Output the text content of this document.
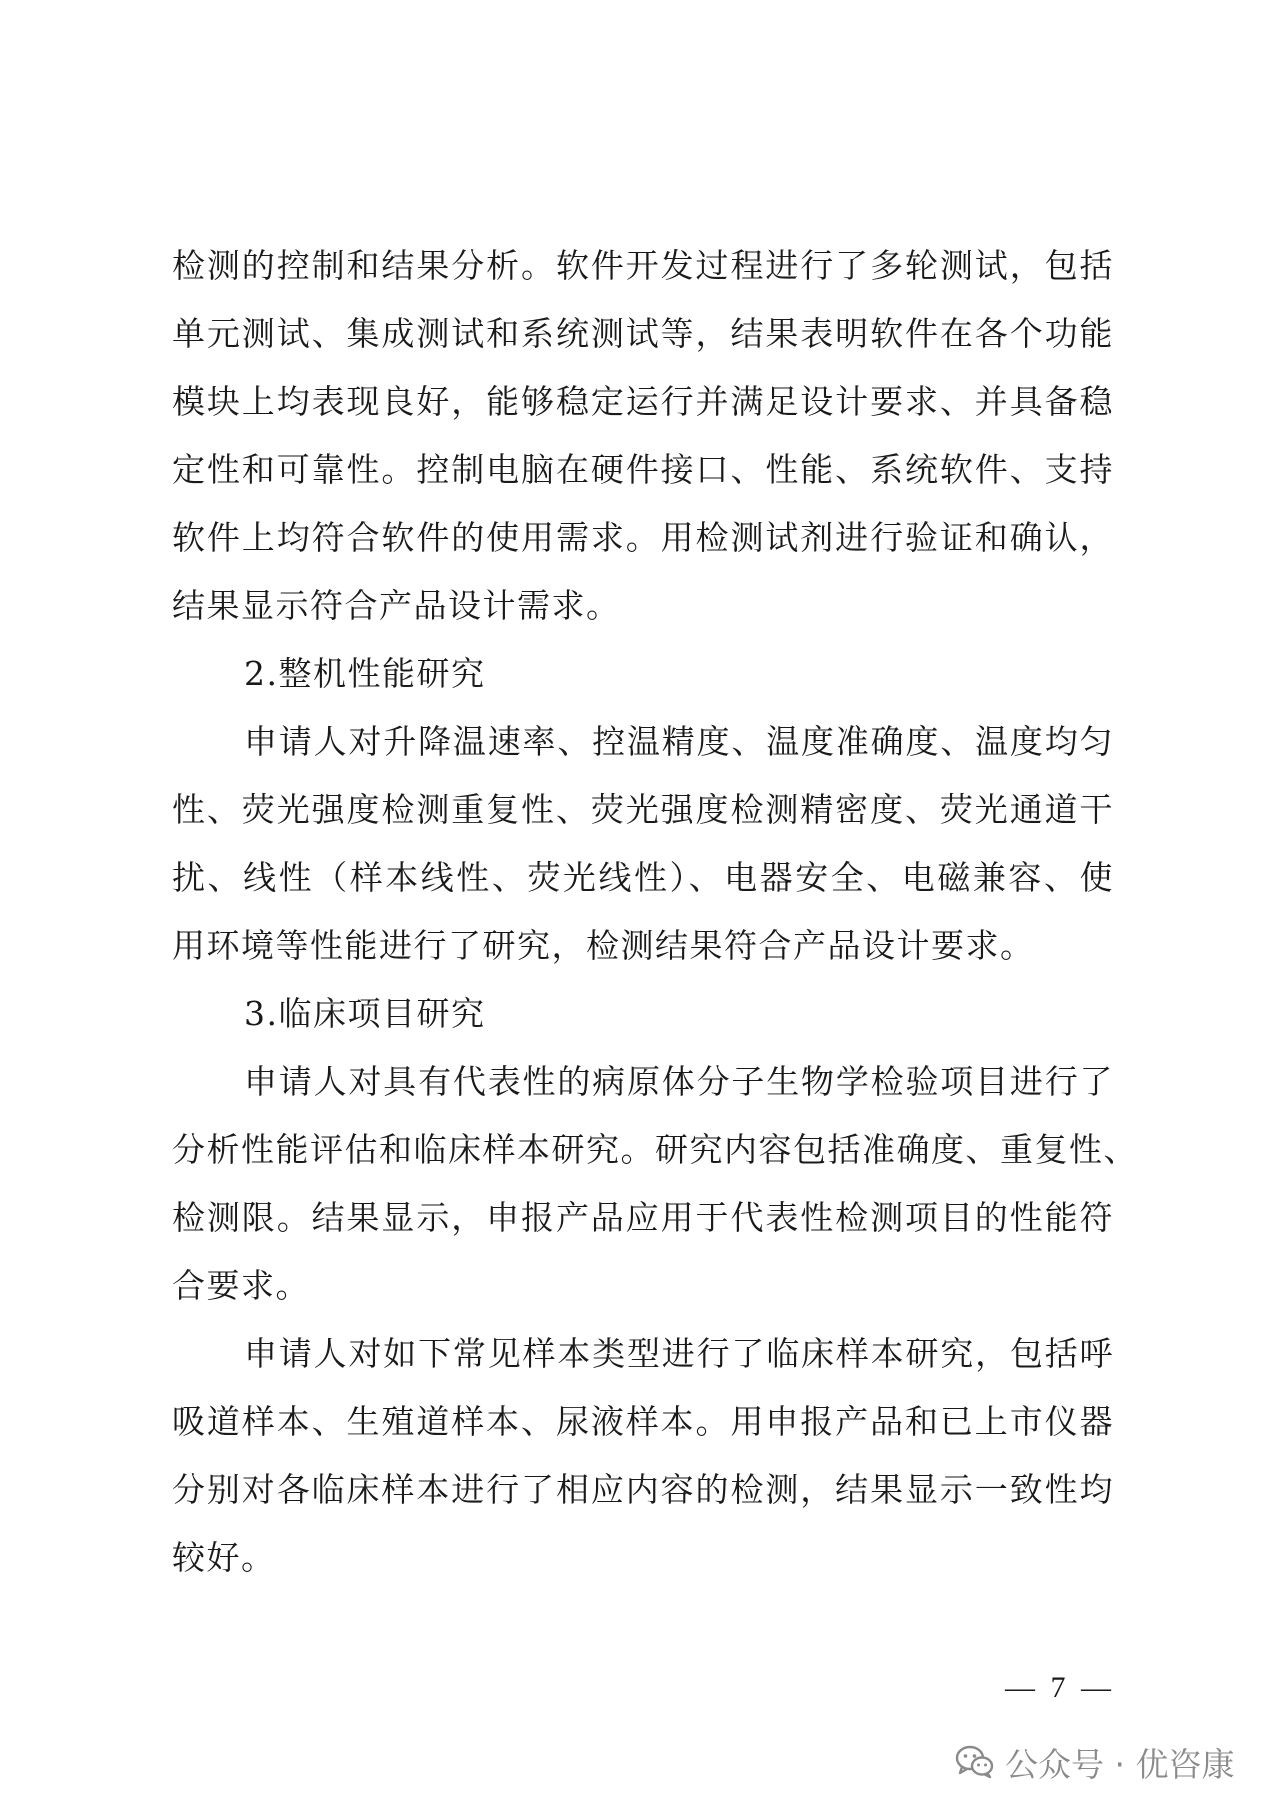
检测的控制和结果分析。软件开发过程进行了多轮测试，包括
单元测试、集成测试和系统测试等，结果表明软件在各个功能
模块上均表现良好，能够稳定运行并满足设计要求、并具备稳
定性和可靠性。控制电脑在硬件接口、性能、系统软件、支持
软件上均符合软件的使用需求。用检测试剂进行验证和确认，
结果显示符合产品设计需求。
2.整机性能研究
申请人对升降温速率、控温精度、温度准确度、温度均匀
性、荧光强度检测重复性、荧光强度检测精密度、荧光通道干
扰、线性（样本线性、荧光线性）、电器安全、电磁兼容、使
用环境等性能进行了研究，检测结果符合产品设计要求。
3.临床项目研究
申请人对具有代表性的病原体分子生物学检验项目进行了
分析性能评估和临床样本研究。研究内容包括准确度、重复性、
检测限。结果显示，申报产品应用于代表性检测项目的性能符
合要求。
申请人对如下常见样本类型进行了临床样本研究，包括呼
吸道样本、生殖道样本、尿液样本。用申报产品和已上市仪器
分别对各临床样本进行了相应内容的检测，结果显示一致性均
较好。
— 7 —
公众号 · 优咨康
